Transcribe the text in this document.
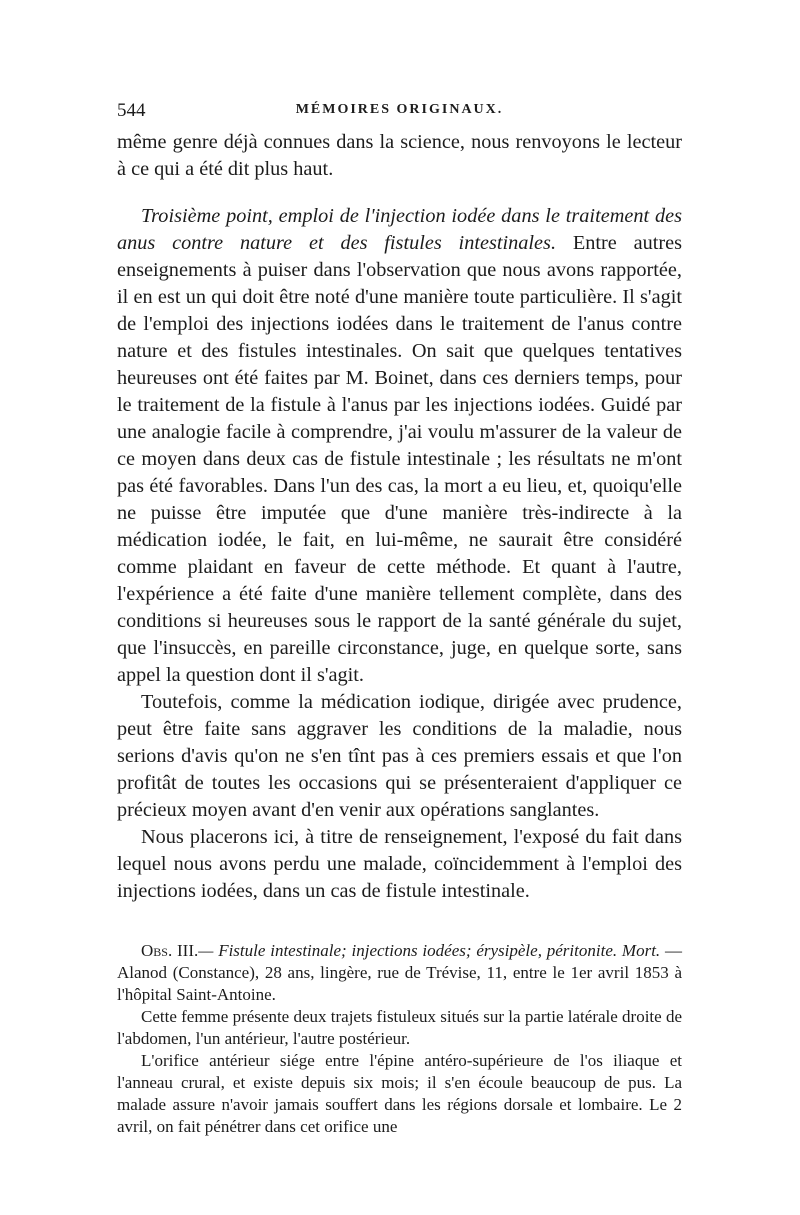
544	MÉMOIRES ORIGINAUX.

même genre déjà connues dans la science, nous renvoyons le lecteur à ce qui a été dit plus haut.

Troisième point, emploi de l'injection iodée dans le traitement des anus contre nature et des fistules intestinales. Entre autres enseignements à puiser dans l'observation que nous avons rapportée, il en est un qui doit être noté d'une manière toute particulière. Il s'agit de l'emploi des injections iodées dans le traitement de l'anus contre nature et des fistules intestinales. On sait que quelques tentatives heureuses ont été faites par M. Boinet, dans ces derniers temps, pour le traitement de la fistule à l'anus par les injections iodées. Guidé par une analogie facile à comprendre, j'ai voulu m'assurer de la valeur de ce moyen dans deux cas de fistule intestinale ; les résultats ne m'ont pas été favorables. Dans l'un des cas, la mort a eu lieu, et, quoiqu'elle ne puisse être imputée que d'une manière très-indirecte à la médication iodée, le fait, en lui-même, ne saurait être considéré comme plaidant en faveur de cette méthode. Et quant à l'autre, l'expérience a été faite d'une manière tellement complète, dans des conditions si heureuses sous le rapport de la santé générale du sujet, que l'insuccès, en pareille circonstance, juge, en quelque sorte, sans appel la question dont il s'agit.

Toutefois, comme la médication iodique, dirigée avec prudence, peut être faite sans aggraver les conditions de la maladie, nous serions d'avis qu'on ne s'en tînt pas à ces premiers essais et que l'on profitât de toutes les occasions qui se présenteraient d'appliquer ce précieux moyen avant d'en venir aux opérations sanglantes.

Nous placerons ici, à titre de renseignement, l'exposé du fait dans lequel nous avons perdu une malade, coïncidemment à l'emploi des injections iodées, dans un cas de fistule intestinale.

Obs. III.— Fistule intestinale; injections iodées; érysipèle, péritonite. Mort. — Alanod (Constance), 28 ans, lingère, rue de Trévise, 11, entre le 1er avril 1853 à l'hôpital Saint-Antoine.

Cette femme présente deux trajets fistuleux situés sur la partie latérale droite de l'abdomen, l'un antérieur, l'autre postérieur.

L'orifice antérieur siége entre l'épine antéro-supérieure de l'os iliaque et l'anneau crural, et existe depuis six mois; il s'en écoule beaucoup de pus. La malade assure n'avoir jamais souffert dans les régions dorsale et lombaire. Le 2 avril, on fait pénétrer dans cet orifice une
